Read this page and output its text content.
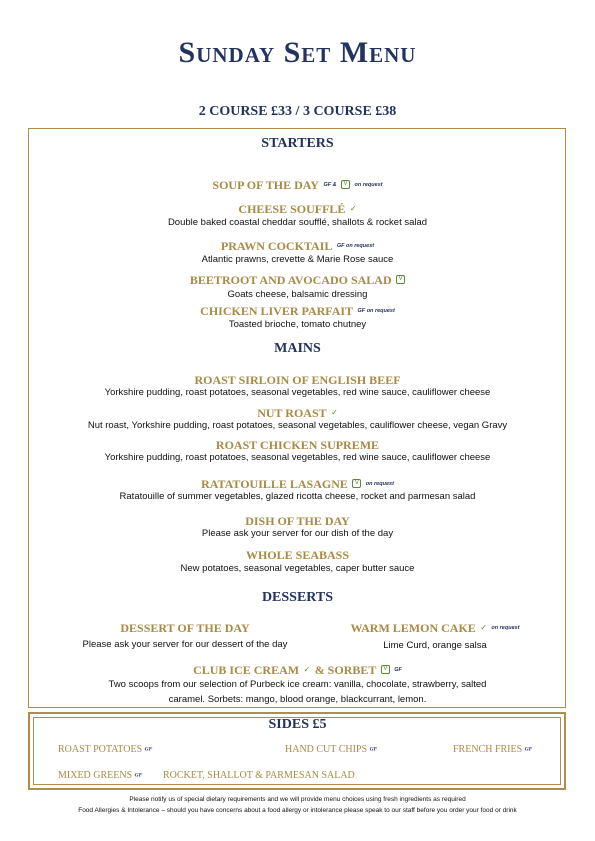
Sunday Set Menu
2 COURSE £33 / 3 COURSE £38
STARTERS
SOUP OF THE DAY GF & V on request
CHEESE SOUFFLÉ ✓
Double baked coastal cheddar soufflé, shallots & rocket salad
PRAWN COCKTAIL GF on request
Atlantic prawns, crevette & Marie Rose sauce
BEETROOT AND AVOCADO SALAD V
Goats cheese, balsamic dressing
CHICKEN LIVER PARFAIT GF on request
Toasted brioche, tomato chutney
MAINS
ROAST SIRLOIN OF ENGLISH BEEF
Yorkshire pudding, roast potatoes, seasonal vegetables, red wine sauce, cauliflower cheese
NUT ROAST ✓
Nut roast, Yorkshire pudding, roast potatoes, seasonal vegetables, cauliflower cheese, vegan Gravy
ROAST CHICKEN SUPREME
Yorkshire pudding, roast potatoes, seasonal vegetables, red wine sauce, cauliflower cheese
RATATOUILLE LASAGNE V on request
Ratatouille of summer vegetables, glazed ricotta cheese, rocket and parmesan salad
DISH OF THE DAY
Please ask your server for our dish of the day
WHOLE SEABASS
New potatoes, seasonal vegetables, caper butter sauce
DESSERTS
DESSERT OF THE DAY
Please ask your server for our dessert of the day
WARM LEMON CAKE ✓ on request
Lime Curd, orange salsa
CLUB ICE CREAM ✓ & SORBET V GF
Two scoops from our selection of Purbeck ice cream: vanilla, chocolate, strawberry, salted
caramel. Sorbets: mango, blood orange, blackcurrant, lemon.
SIDES £5
ROAST POTATOES GF	HAND CUT CHIPS GF	FRENCH FRIES GF
MIXED GREENS GF ROCKET, SHALLOT & PARMESAN SALAD
Please notify us of special dietary requirements and we will provide menu choices using fresh ingredients as required
Food Allergies & Intolerance – should you have concerns about a food allergy or intolerance please speak to our staff before you order your food or drink
